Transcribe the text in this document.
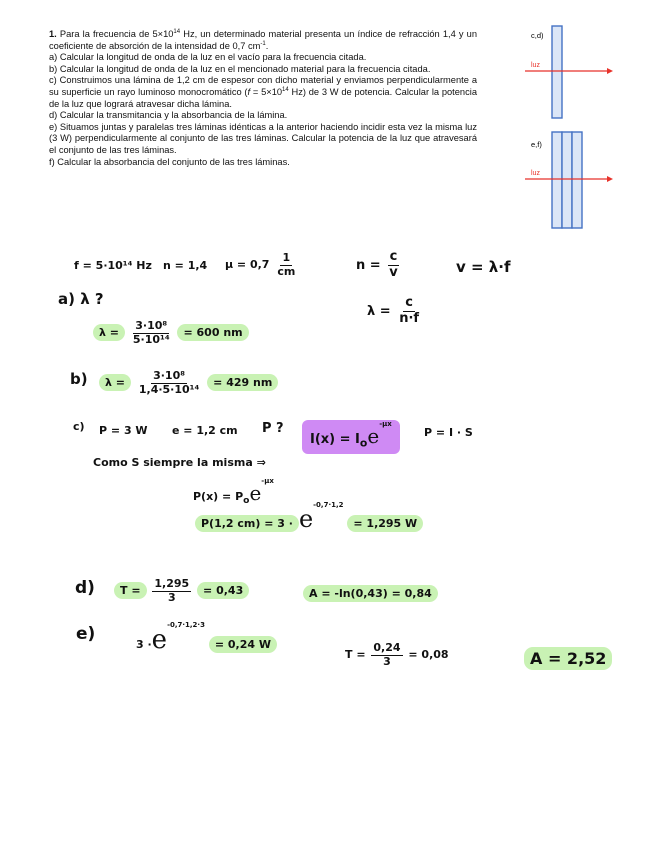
1. Para la frecuencia de $5\times 10^{14}$ Hz, un determinado material presenta un índice de refracción 1,4 y un coeficiente de absorción de la intensidad de 0,7 $cm^{-1}$.

a) Calcular la longitud de onda de la luz en el vacío para la frecuencia citada.

b) Calcular la longitud de onda de la luz en el mencionado material para la frecuencia citada.

c) Construimos una lámina de 1,2 cm de espesor con dicho material y enviamos perpendicularmente a su superficie un rayo luminoso monocromático ($f = 5\times 10^{14}$ Hz) de 3 W de potencia. Calcular la potencia de la luz que logrará atravesar dicha lámina.

d) Calcular la transmitancia y la absorbancia de la lámina.

e) Situamos juntas y paralelas tres láminas idénticas a la anterior haciendo incidir esta vez la misma luz (3 W) perpendicularmente al conjunto de las tres láminas. Calcular la potencia de la luz que atravesará el conjunto de las tres láminas.

f) Calcular la absorbancia del conjunto de las tres láminas.

c,d)
luz
e,f)
luz
f = 5·10¹⁴ Hz n = 1,4 $\mu = 0,7 \frac{1}{cm}$	$n = \frac{c}{v}$	v = λ·f
a) λ ?
$\lambda = \frac{c}{n\cdot f}$
$\lambda = \frac{\text{3·10⁸}}{\text{5·10¹⁴}} = 600$ nm
b)	$\lambda = \frac{\text{3·10⁸}}{\text{1,4·5·10¹⁴}} = 429$ nm
c) P = 3 W e = 1,2 cm P ?
$I(x) = I_oe^{-\mu x}$
P = I · S
Como S siempre la misma ⇒
$P(x) = P_oe^{-\mu x}$
P(1,2 $cm) = 3 \cdot e^{-0,7\cdot 1,2} = 1,295$ W
d)	$T = \frac{1,295}{3} = 0,43$	A = -ln(0,43) = 0,84
e)
$3 \cdot e^{-0,7\cdot 1,2\cdot 3} = 0,24$ W
$T = \frac{0,24}{3} = 0,08$	A = 2,52
